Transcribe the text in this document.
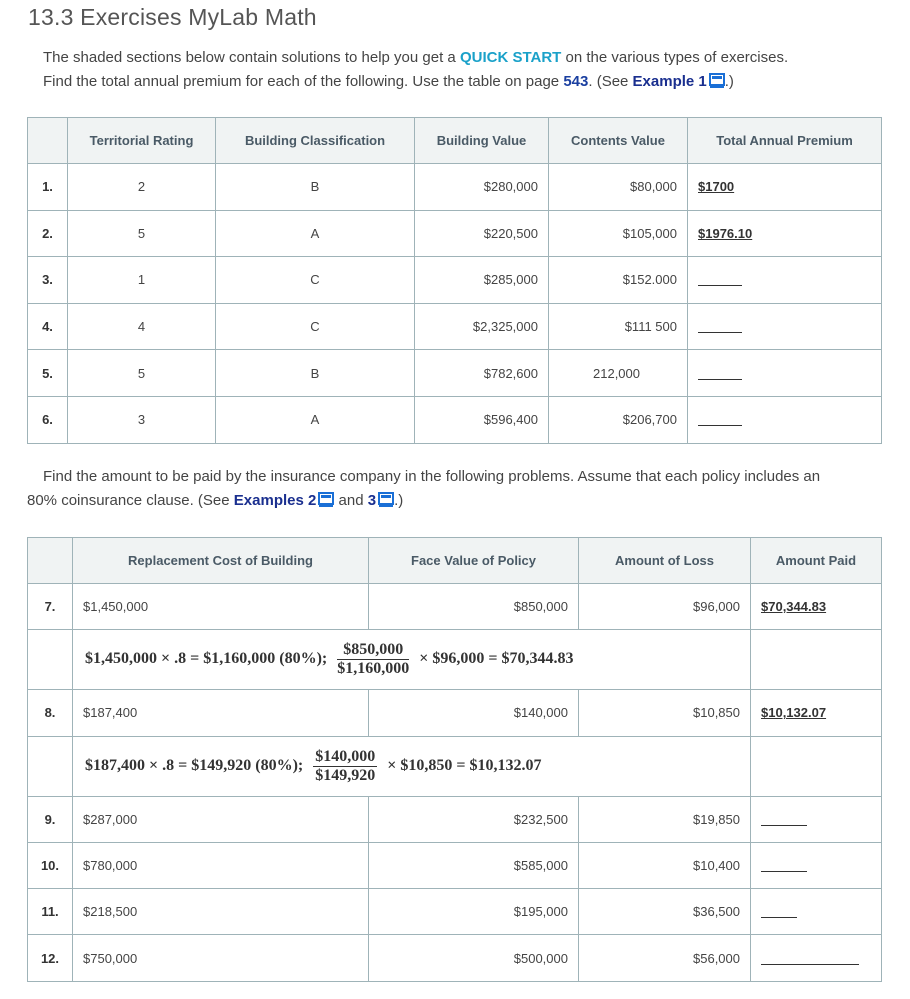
13.3 Exercises MyLab Math
The shaded sections below contain solutions to help you get a QUICK START on the various types of exercises.
Find the total annual premium for each of the following. Use the table on page 543. (See Example 1 .)
	Territorial Rating	Building Classification	Building Value	Contents Value	Total Annual Premium
1.	2	B	$280,000	$80,000	$1700
2.	5	A	$220,500	$105,000	$1976.10
3.	1	C	$285,000	$152.000	
4.	4	C	$2,325,000	$111 500	
5.	5	B	$782,600	212,000	
6.	3	A	$596,400	$206,700	
Find the amount to be paid by the insurance company in the following problems. Assume that each policy includes an
80% coinsurance clause. (See Examples 2 and 3 .)
	Replacement Cost of Building	Face Value of Policy	Amount of Loss	Amount Paid
7.	$1,450,000	$850,000	$96,000	$70,344.83
	$1,450,000 × .8 = $1,160,000 (80%); $\frac{\$850,000}{\$1,160,000}$ × $96,000 = $70,344.83			
8.	$187,400	$140,000	$10,850	$10,132.07
	$187,400 × .8 = $149,920 (80%); $\frac{\$140,000}{\$149,920}$ × $10,850 = $10,132.07			
9.	$287,000	$232,500	$19,850	
10.	$780,000	$585,000	$10,400	
11.	$218,500	$195,000	$36,500	
12.	$750,000	$500,000	$56,000	
